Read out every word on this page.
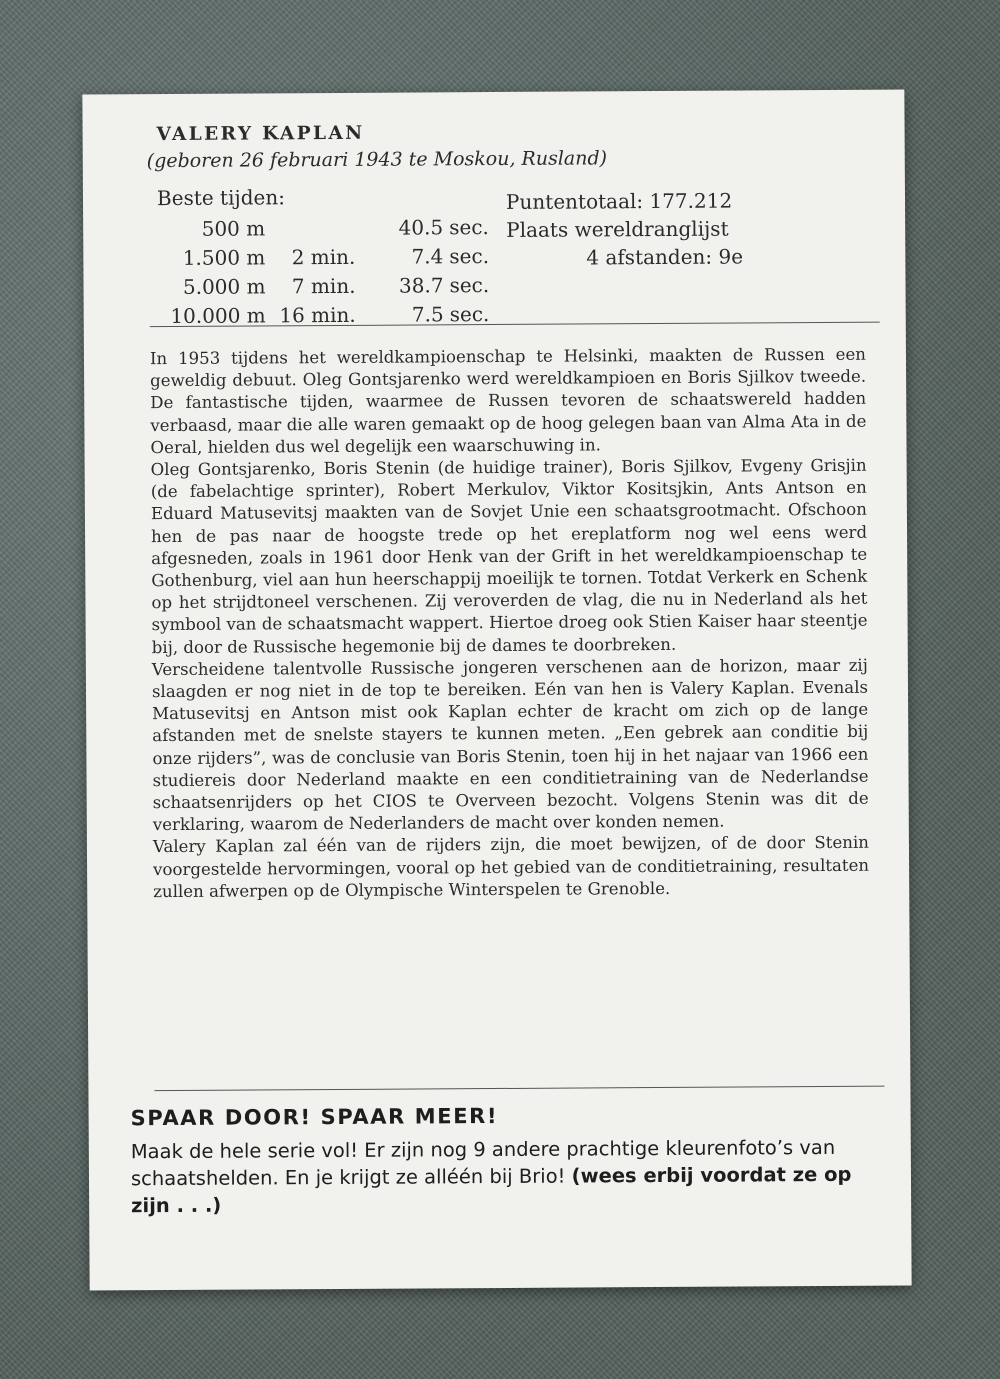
VALERY KAPLAN
(geboren 26 februari 1943 te Moskou, Rusland)
Beste tijden:
500 m		40.5	sec.
1.500 m	2 min.	7.4	sec.
5.000 m	7 min.	38.7	sec.
10.000 m	16 min.	7.5	sec.
Puntentotaal: 177.212
Plaats wereldranglijst
4 afstanden: 9e

In 1953 tijdens het wereldkampioenschap te Helsinki, maakten de Russen een geweldig debuut. Oleg Gontsjarenko werd wereldkampioen en Boris Sjilkov tweede. De fantastische tijden, waarmee de Russen tevoren de schaatswereld hadden verbaasd, maar die alle waren gemaakt op de hoog gelegen baan van Alma Ata in de Oeral, hielden dus wel degelijk een waarschuwing in.

Oleg Gontsjarenko, Boris Stenin (de huidige trainer), Boris Sjilkov, Evgeny Grisjin (de fabelachtige sprinter), Robert Merkulov, Viktor Kositsjkin, Ants Antson en Eduard Matusevitsj maakten van de Sovjet Unie een schaatsgrootmacht. Ofschoon hen de pas naar de hoogste trede op het ereplatform nog wel eens werd afgesneden, zoals in 1961 door Henk van der Grift in het wereldkampioenschap te Gothenburg, viel aan hun heerschappij moeilijk te tornen. Totdat Verkerk en Schenk op het strijdtoneel verschenen. Zij veroverden de vlag, die nu in Nederland als het symbool van de schaatsmacht wappert. Hiertoe droeg ook Stien Kaiser haar steentje bij, door de Russische hegemonie bij de dames te doorbreken.

Verscheidene talentvolle Russische jongeren verschenen aan de horizon, maar zij slaagden er nog niet in de top te bereiken. Eén van hen is Valery Kaplan. Evenals Matusevitsj en Antson mist ook Kaplan echter de kracht om zich op de lange afstanden met de snelste stayers te kunnen meten. „Een gebrek aan conditie bij onze rijders”, was de conclusie van Boris Stenin, toen hij in het najaar van 1966 een studiereis door Nederland maakte en een conditietraining van de Nederlandse schaatsenrijders op het CIOS te Overveen bezocht. Volgens Stenin was dit de verklaring, waarom de Nederlanders de macht over konden nemen.

Valery Kaplan zal één van de rijders zijn, die moet bewijzen, of de door Stenin voorgestelde hervormingen, vooral op het gebied van de conditietraining, resultaten zullen afwerpen op de Olympische Winterspelen te Grenoble.

SPAAR DOOR! SPAAR MEER!
Maak de hele serie vol! Er zijn nog 9 andere prachtige kleurenfoto’s van schaatshelden. En je krijgt ze alléén bij Brio! (wees erbij voordat ze op zijn . . .)
